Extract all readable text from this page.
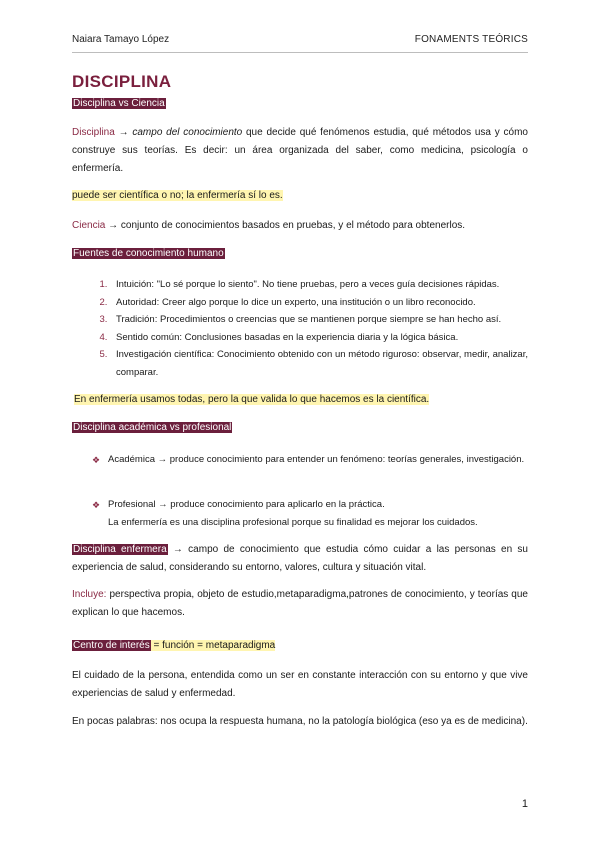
Naiara Tamayo López	FONAMENTS TEÓRICS
DISCIPLINA
Disciplina vs Ciencia
Disciplina → campo del conocimiento que decide qué fenómenos estudia, qué métodos usa y cómo construye sus teorías. Es decir: un área organizada del saber, como medicina, psicología o enfermería.
puede ser científica o no; la enfermería sí lo es.
Ciencia → conjunto de conocimientos basados en pruebas, y el método para obtenerlos.
Fuentes de conocimiento humano
1. Intuición: "Lo sé porque lo siento". No tiene pruebas, pero a veces guía decisiones rápidas.
2. Autoridad: Creer algo porque lo dice un experto, una institución o un libro reconocido.
3. Tradición: Procedimientos o creencias que se mantienen porque siempre se han hecho así.
4. Sentido común: Conclusiones basadas en la experiencia diaria y la lógica básica.
5. Investigación científica: Conocimiento obtenido con un método riguroso: observar, medir, analizar, comparar.
En enfermería usamos todas, pero la que valida lo que hacemos es la científica.
Disciplina académica vs profesional
❖ Académica → produce conocimiento para entender un fenómeno: teorías generales, investigación.
❖ Profesional → produce conocimiento para aplicarlo en la práctica.
La enfermería es una disciplina profesional porque su finalidad es mejorar los cuidados.
Disciplina enfermera → campo de conocimiento que estudia cómo cuidar a las personas en su experiencia de salud, considerando su entorno, valores, cultura y situación vital.
Incluye: perspectiva propia, objeto de estudio,metaparadigma,patrones de conocimiento, y teorías que explican lo que hacemos.
Centro de interés = función = metaparadigma
El cuidado de la persona, entendida como un ser en constante interacción con su entorno y que vive experiencias de salud y enfermedad.
En pocas palabras: nos ocupa la respuesta humana, no la patología biológica (eso ya es de medicina).
1
